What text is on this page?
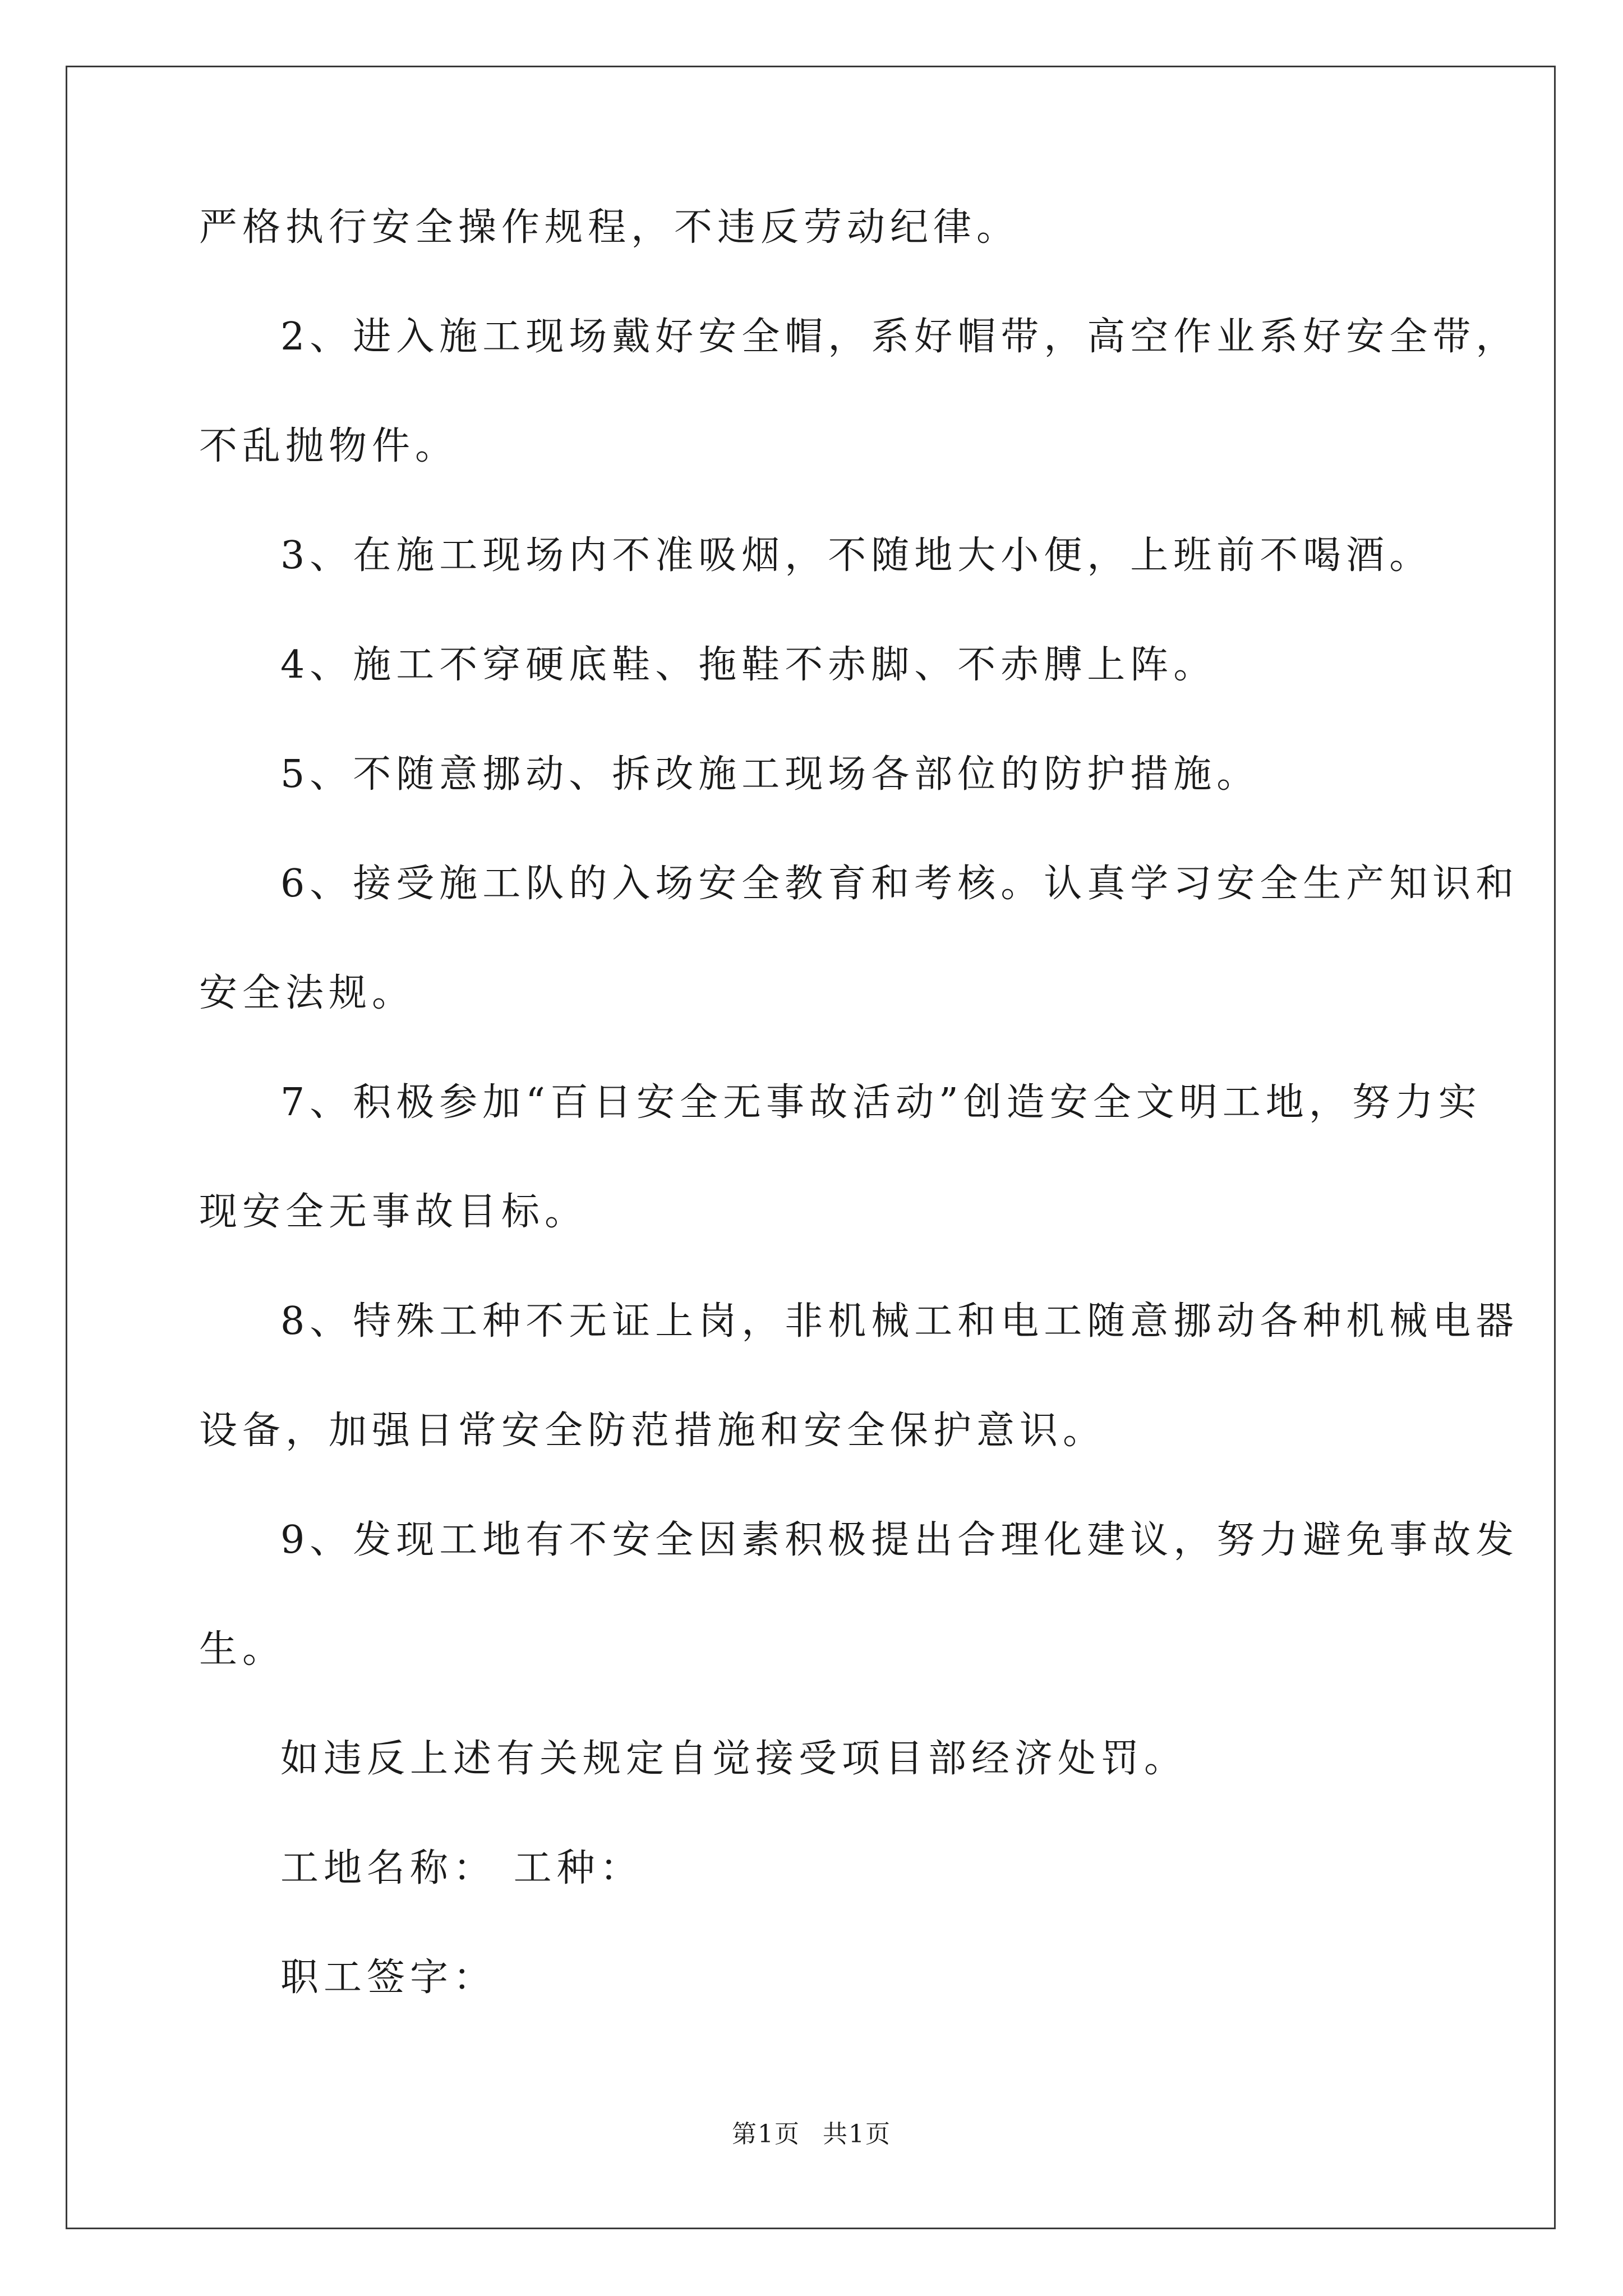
严格执行安全操作规程，不违反劳动纪律。
2、进入施工现场戴好安全帽，系好帽带，高空作业系好安全带，
不乱抛物件。
3、在施工现场内不准吸烟，不随地大小便，上班前不喝酒。
4、施工不穿硬底鞋、拖鞋不赤脚、不赤膊上阵。
5、不随意挪动、拆改施工现场各部位的防护措施。
6、接受施工队的入场安全教育和考核。认真学习安全生产知识和
安全法规。
7、积极参加“百日安全无事故活动”创造安全文明工地，努力实
现安全无事故目标。
8、特殊工种不无证上岗，非机械工和电工随意挪动各种机械电器
设备，加强日常安全防范措施和安全保护意识。
9、发现工地有不安全因素积极提出合理化建议，努力避免事故发
生。
如违反上述有关规定自觉接受项目部经济处罚。
工地名称： 工种：
职工签字：
第1页 共1页
